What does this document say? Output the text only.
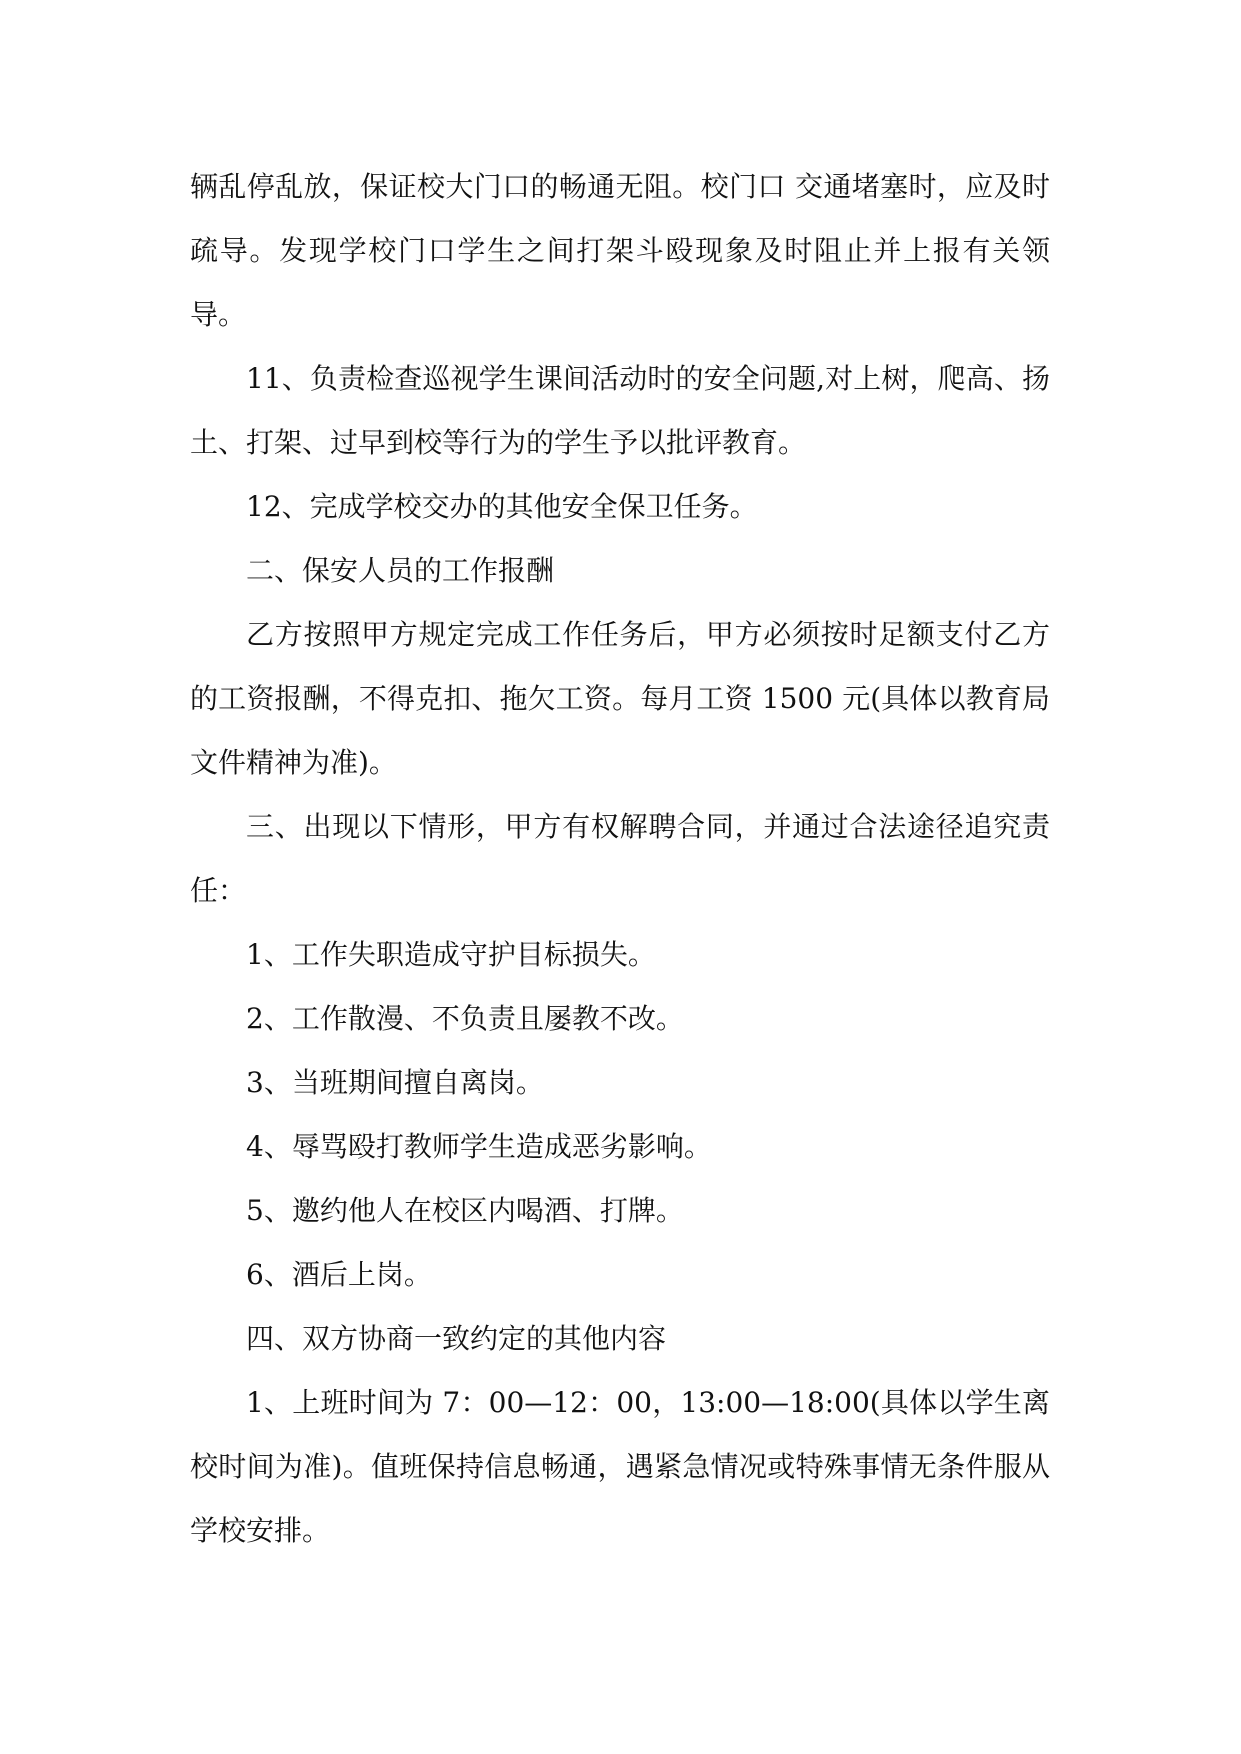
辆乱停乱放，保证校大门口的畅通无阻。校门口 交通堵塞时，应及时疏导。发现学校门口学生之间打架斗殴现象及时阻止并上报有关领导。

11、负责检查巡视学生课间活动时的安全问题,对上树，爬高、扬土、打架、过早到校等行为的学生予以批评教育。

12、完成学校交办的其他安全保卫任务。

二、保安人员的工作报酬

乙方按照甲方规定完成工作任务后，甲方必须按时足额支付乙方的工资报酬，不得克扣、拖欠工资。每月工资 1500 元(具体以教育局文件精神为准)。

三、出现以下情形，甲方有权解聘合同，并通过合法途径追究责任：

1、工作失职造成守护目标损失。

2、工作散漫、不负责且屡教不改。

3、当班期间擅自离岗。

4、辱骂殴打教师学生造成恶劣影响。

5、邀约他人在校区内喝酒、打牌。

6、酒后上岗。

四、双方协商一致约定的其他内容

1、上班时间为 7：00—12：00，13:00—18:00(具体以学生离校时间为准)。值班保持信息畅通，遇紧急情况或特殊事情无条件服从学校安排。
